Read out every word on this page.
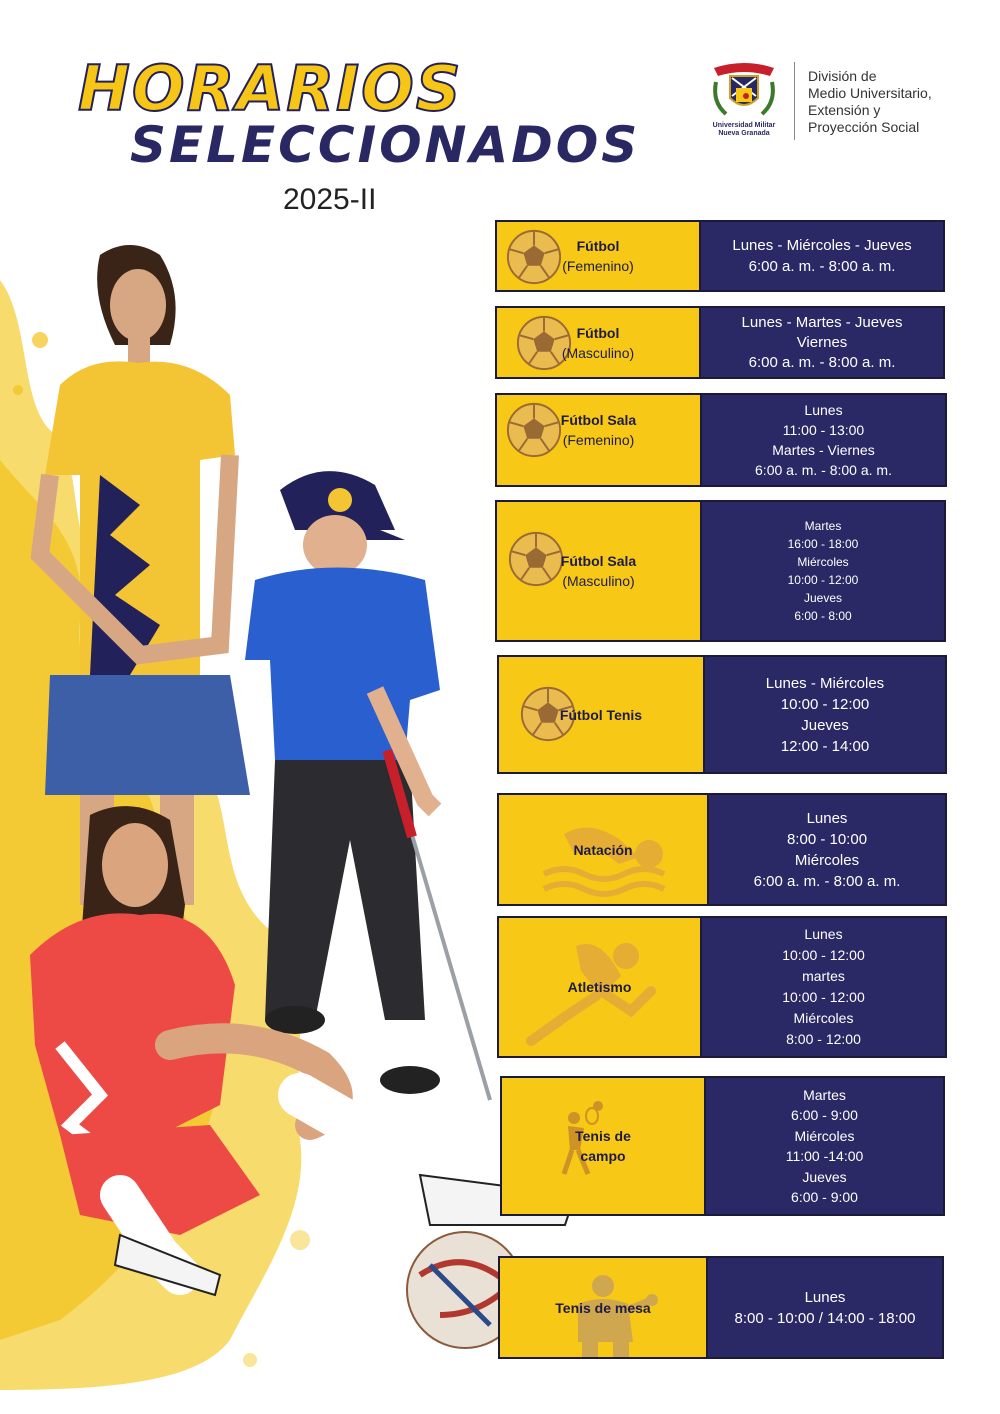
HORARIOS
SELECCIONADOS
2025-II
Universidad Militar Nueva Granada
División de
Medio Universitario,
Extensión y
Proyección Social
Fútbol
(Femenino)
Lunes - Miércoles - Jueves
6:00 a. m. - 8:00 a. m.
Fútbol
(Masculino)
Lunes - Martes - Jueves
Viernes
6:00 a. m. - 8:00 a. m.
Fútbol Sala
(Femenino)
Lunes
11:00 - 13:00
Martes - Viernes
6:00 a. m. - 8:00 a. m.
Fútbol Sala
(Masculino)
Martes
16:00 - 18:00
Miércoles
10:00 - 12:00
Jueves
6:00 - 8:00
Fútbol Tenis
Lunes - Miércoles
10:00 - 12:00
Jueves
12:00 - 14:00
Natación
Lunes
8:00 - 10:00
Miércoles
6:00 a. m. - 8:00 a. m.
Atletismo
Lunes
10:00 - 12:00
martes
10:00 - 12:00
Miércoles
8:00 - 12:00
Tenis de
campo
Martes
6:00 - 9:00
Miércoles
11:00 -14:00
Jueves
6:00 - 9:00
Tenis de mesa
Lunes
8:00 - 10:00 / 14:00 - 18:00
